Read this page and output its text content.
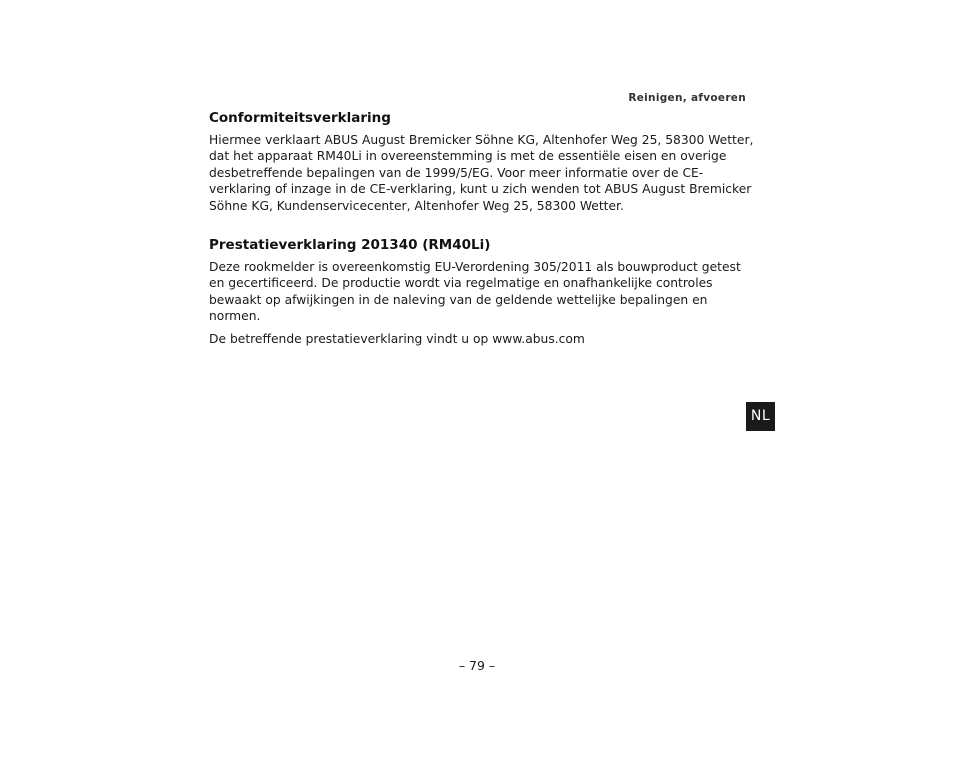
Reinigen, afvoeren
Conformiteitsverklaring

Hiermee verklaart ABUS August Bremicker Söhne KG, Altenhofer Weg 25, 58300 Wetter, dat het apparaat RM40Li in overeenstemming is met de essentiële eisen en overige desbetreffende bepalingen van de 1999/5/EG. Voor meer informatie over de CE-verklaring of inzage in de CE-verklaring, kunt u zich wenden tot ABUS August Bremicker Söhne KG, Kundenservicecenter, Altenhofer Weg 25, 58300 Wetter.

Prestatieverklaring 201340 (RM40Li)

Deze rookmelder is overeenkomstig EU-Verordening 305/2011 als bouwproduct getest en gecertificeerd. De productie wordt via regelmatige en onafhankelijke controles bewaakt op afwijkingen in de naleving van de geldende wettelijke bepalingen en normen.

De betreffende prestatieverklaring vindt u op www.abus.com

NL
– 79 –
